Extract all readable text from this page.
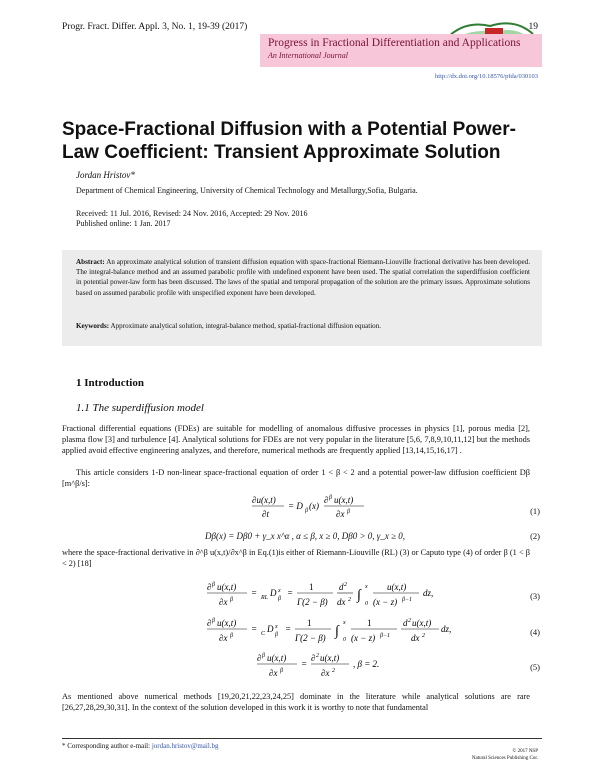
Progr. Fract. Differ. Appl. 3, No. 1, 19-39 (2017)	19
Progress in Fractional Differentiation and Applications
An International Journal
http://dx.doi.org/10.18576/pfda/030103
Space-Fractional Diffusion with a Potential Power-Law Coefficient: Transient Approximate Solution
Jordan Hristov*
Department of Chemical Engineering, University of Chemical Technology and Metallurgy,Sofia, Bulgaria.
Received: 11 Jul. 2016, Revised: 24 Nov. 2016, Accepted: 29 Nov. 2016
Published online: 1 Jan. 2017
Abstract: An approximate analytical solution of transient diffusion equation with space-fractional Riemann-Liouville fractional derivative has been developed. The integral-balance method and an assumed parabolic profile with undefined exponent have been used. The spatial correlation the superdiffusion coefficient in potential power-law form has been discussed. The laws of the spatial and temporal propagation of the solution are the primary issues. Approximate solutions based on assumed parabolic profile with unspecified exponent have been developed.
Keywords: Approximate analytical solution, integral-balance method, spatial-fractional diffusion equation.
1 Introduction
1.1 The superdiffusion model
Fractional differential equations (FDEs) are suitable for modelling of anomalous diffusive processes in physics [1], porous media [2], plasma flow [3] and turbulence [4]. Analytical solutions for FDEs are not very popular in the literature [5,6, 7,8,9,10,11,12] but the methods applied avoid effective engineering analyzes, and therefore, numerical methods are frequently applied [13,14,15,16,17] .
This article considers 1-D non-linear space-fractional equation of order 1 < β < 2 and a potential power-law diffusion coefficient Dβ [m^β/s]:
∂u(x,t)
∂t
= D β (x)
∂ β u(x,t)
∂x β	(1)
Dβ(x) = Dβ0 + γ_x x^α , α ≤ β, x ≥ 0, Dβ0 > 0, γ_x ≥ 0,	(2)
where the space-fractional derivative in ∂^β u(x,t)/∂x^β in Eq.(1)is either of Riemann-Liouville (RL) (3) or Caputo type (4) of order β (1 < β < 2) [18]
∂ β u(x,t)
∂x β
= RL D x
β
=
1
Γ(2 − β)
d 2
dx 2 ∫
x
0
u(x,t)
(x − z) β−1
dz,	(3)
∂ β u(x,t)
∂x β
= C D x
β
=
1
Γ(2 − β) ∫
x
0
1
(x − z) β−1
d 2 u(x,t)
dx 2
dz,	(4)
∂ β u(x,t)
∂x β
=
∂ 2 u(x,t)
∂x 2
, β = 2.	(5)
As mentioned above numerical methods [19,20,21,22,23,24,25] dominate in the literature while analytical solutions are rare [26,27,28,29,30,31]. In the context of the solution developed in this work it is worthy to note that fundamental
* Corresponding author e-mail: jordan.hristov@mail.bg
© 2017 NSP
Natural Sciences Publishing Cor.
